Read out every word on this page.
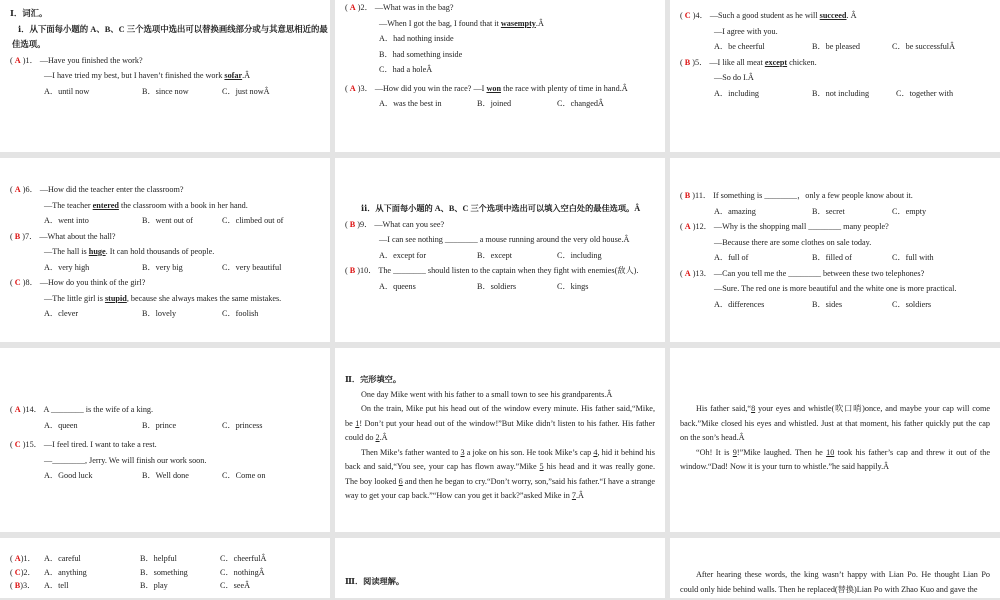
Ⅰ．词汇。
ⅰ．从下面每小题的 A、B、C 三个选项中选出可以替换画线部分或与其意思相近的最
佳选项。
( A )1． —Have you finished the work?
—I have tried my best, but I haven’t finished the work sofar.Â
A．until now	B．since now	C．just nowÂ
( A )2． —What was in the bag?
—When I got the bag, I found that it wasempty.Â
A．had nothing inside
B．had something inside
C．had a holeÂ
( A )3． —How did you win the race? —I won the race with plenty of time in hand.Â
A．was the best in	B．joined	C．changedÂ
( C )4． —Such a good student as he will succeed. Â
—I agree with you.
A．be cheerful	B．be pleased	C．be successfulÂ
( B )5． —I like all meat except chicken.
—So do I.Â
A．including	B．not including	C．together with
( A )6． —How did the teacher enter the classroom?
—The teacher entered the classroom with a book in her hand.
A．went into	B．went out of	C．climbed out of
( B )7． —What about the hall?
—The hall is huge. It can hold thousands of people.
A．very high	B．very big	C．very beautiful
( C )8． —How do you think of the girl?
—The little girl is stupid, because she always makes the same mistakes.
A．clever	B．lovely	C．foolish
ⅱ．从下面每小题的 A、B、C 三个选项中选出可以填入空白处的最佳选项。Â
( B )9． —What can you see?
—I can see nothing ________ a mouse running around the very old house.Â
A．except for	B．except	C．including
( B )10． The ________ should listen to the captain when they fight with enemies(敌人).
A．queens	B．soldiers	C．kings
( B )11． If something is ________，only a few people know about it.
A．amazing	B．secret	C．empty
( A )12． —Why is the shopping mall ________ many people?
—Because there are some clothes on sale today.
A．full of	B．filled of	C．full with
( A )13． —Can you tell me the ________ between these two telephones?
—Sure. The red one is more beautiful and the white one is more practical.
A．differences	B．sides	C．soldiers
( A )14． A ________ is the wife of a king.
A．queen	B．prince	C．princess
( C )15． —I feel tired. I want to take a rest.
—________, Jerry. We will finish our work soon.
A．Good luck	B．Well done	C．Come on
Ⅱ．完形填空。
One day Mike went with his father to a small town to see his grandparents.Â
On the train, Mike put his head out of the window every minute. His father said,“Mike, be 1! Don’t put your head out of the window!”But Mike didn’t listen to his father. His father could do 2.Â
Then Mike’s father wanted to 3 a joke on his son. He took Mike’s cap 4, hid it behind his back and said,“You see, your cap has flown away.”Mike 5 his head and it was really gone. The boy looked 6 and then he began to cry.“Don’t worry, son,”said his father.“I have a strange way to get your cap back.”“How can you get it back?”asked Mike in 7.Â
His father said,“8 your eyes and whistle(吹口哨)once, and maybe your cap will come back.”Mike closed his eyes and whistled. Just at that moment, his father quickly put the cap on the son’s head.Â
“Oh! It is 9!”Mike laughed. Then he 10 took his father’s cap and threw it out of the window.“Dad! Now it is your turn to whistle.”he said happily.Â
( A)1．	A．careful	B．helpful	C．cheerfulÂ
( C)2．	A．anything	B．something	C．nothingÂ
( B)3．	A．tell	B．play	C．seeÂ	Ⅲ．阅读理解。
After hearing these words, the king wasn’t happy with Lian Po. He thought Lian Po could only hide behind walls. Then he replaced(替换)Lian Po with Zhao Kuo and gave the
